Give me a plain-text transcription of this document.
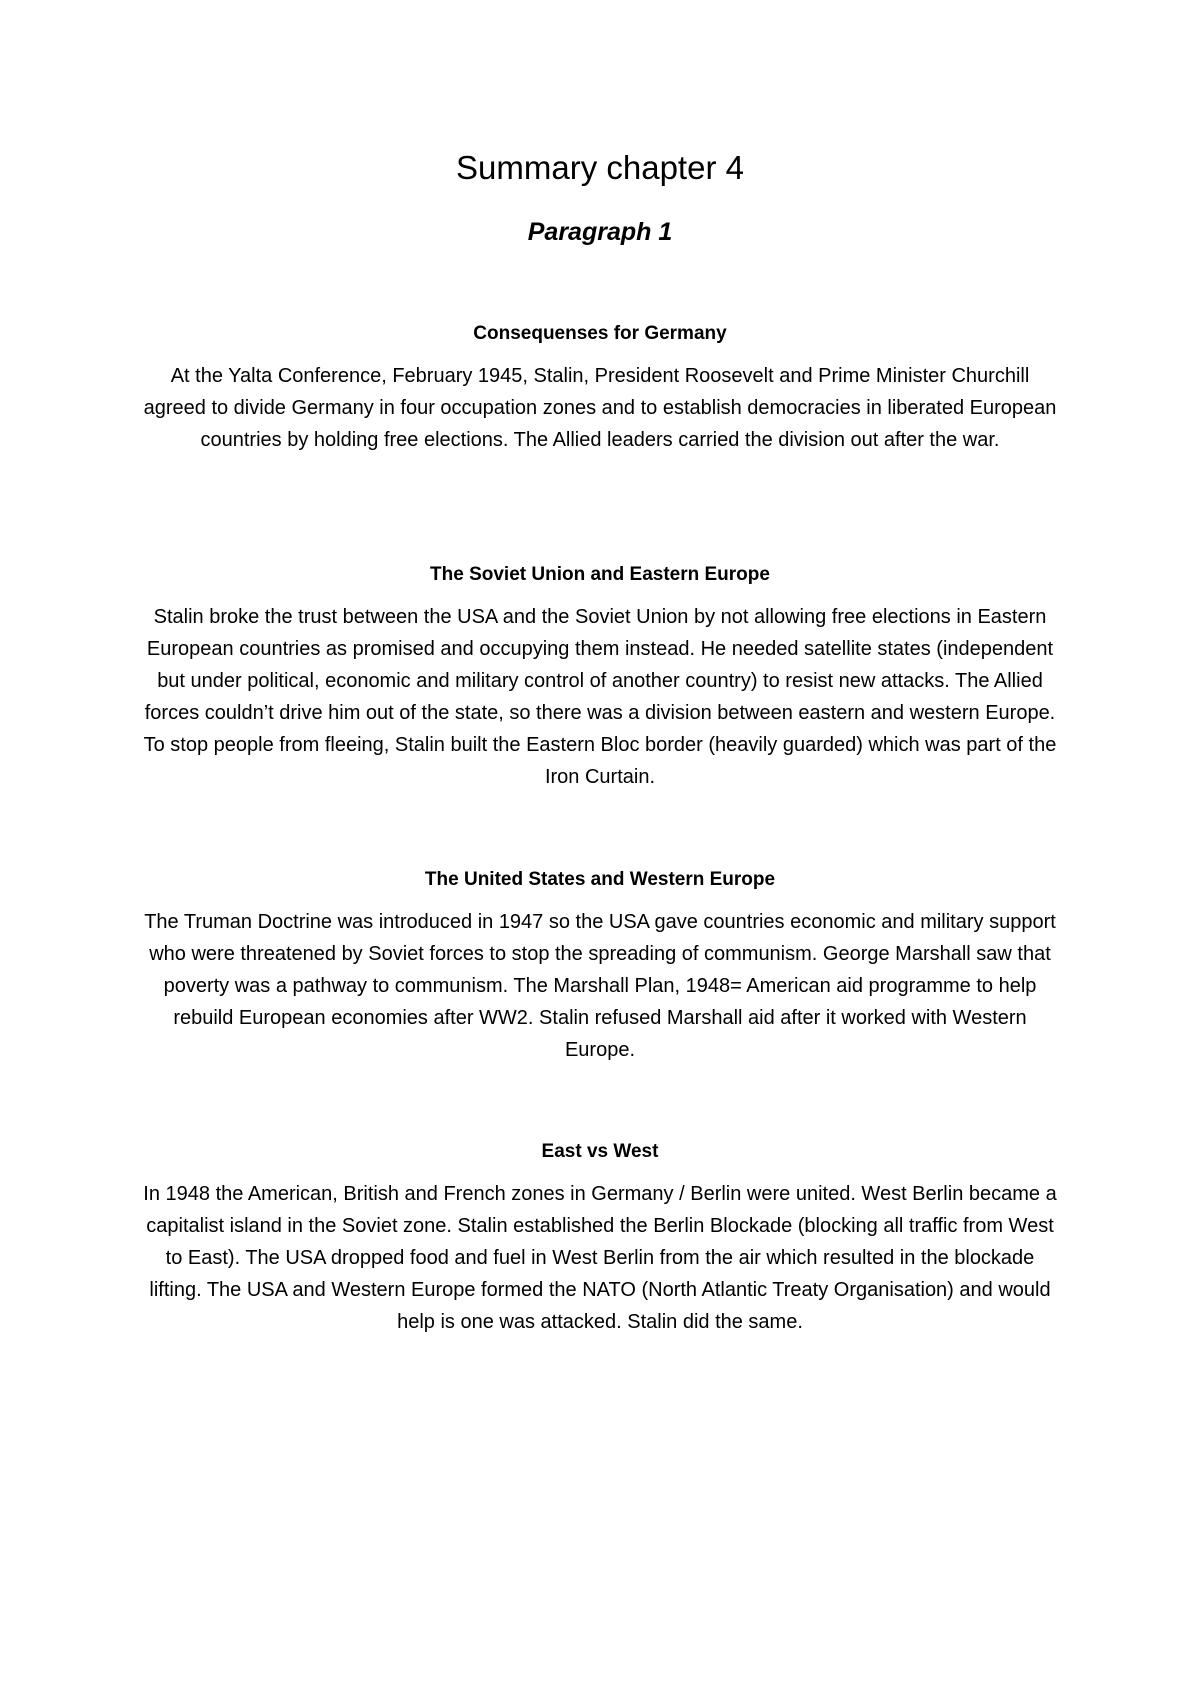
Summary chapter 4
Paragraph 1
Consequenses for Germany

At the Yalta Conference, February 1945, Stalin, President Roosevelt and Prime Minister Churchill agreed to divide Germany in four occupation zones and to establish democracies in liberated European countries by holding free elections. The Allied leaders carried the division out after the war.

The Soviet Union and Eastern Europe

Stalin broke the trust between the USA and the Soviet Union by not allowing free elections in Eastern European countries as promised and occupying them instead. He needed satellite states (independent but under political, economic and military control of another country) to resist new attacks. The Allied forces couldn’t drive him out of the state, so there was a division between eastern and western Europe. To stop people from fleeing, Stalin built the Eastern Bloc border (heavily guarded) which was part of the Iron Curtain.

The United States and Western Europe

The Truman Doctrine was introduced in 1947 so the USA gave countries economic and military support who were threatened by Soviet forces to stop the spreading of communism. George Marshall saw that poverty was a pathway to communism. The Marshall Plan, 1948= American aid programme to help rebuild European economies after WW2. Stalin refused Marshall aid after it worked with Western Europe.

East vs West

In 1948 the American, British and French zones in Germany / Berlin were united. West Berlin became a capitalist island in the Soviet zone. Stalin established the Berlin Blockade (blocking all traffic from West to East). The USA dropped food and fuel in West Berlin from the air which resulted in the blockade lifting. The USA and Western Europe formed the NATO (North Atlantic Treaty Organisation) and would help is one was attacked. Stalin did the same.
